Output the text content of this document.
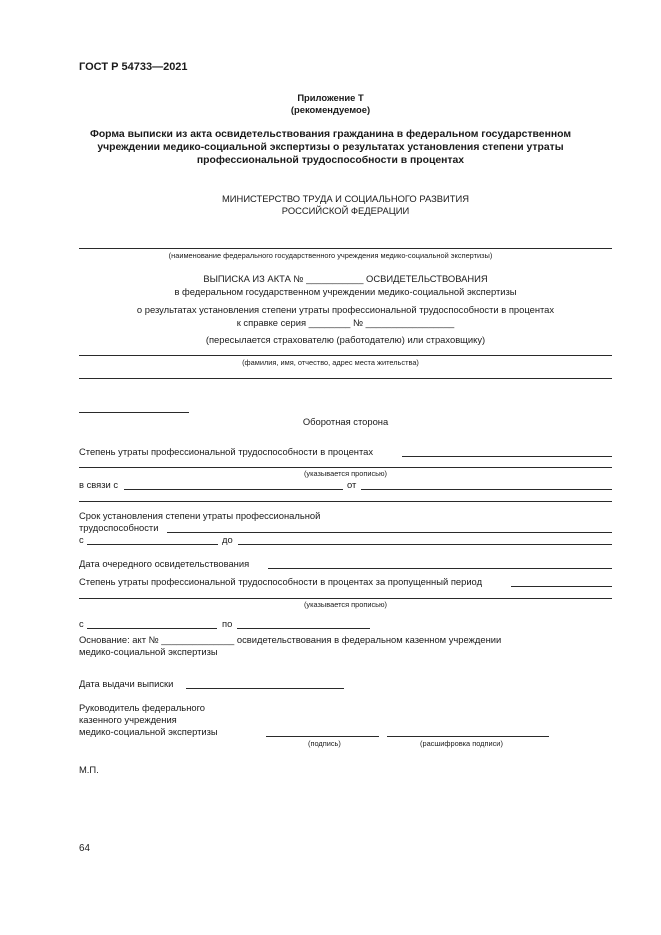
ГОСТ Р 54733—2021
Приложение Т
(рекомендуемое)
Форма выписки из акта освидетельствования гражданина в федеральном государственном
учреждении медико-социальной экспертизы о результатах установления степени утраты
профессиональной трудоспособности в процентах
МИНИСТЕРСТВО ТРУДА И СОЦИАЛЬНОГО РАЗВИТИЯ
РОССИЙСКОЙ ФЕДЕРАЦИИ
(наименование федерального государственного учреждения медико-социальной экспертизы)
ВЫПИСКА ИЗ АКТА № ___________ ОСВИДЕТЕЛЬСТВОВАНИЯ
в федеральном государственном учреждении медико-социальной экспертизы
о результатах установления степени утраты профессиональной трудоспособности в процентах
к справке серия ________ № _________________
(пересылается страхователю (работодателю) или страховщику)
(фамилия, имя, отчество, адрес места жительства)
Оборотная сторона
Степень утраты профессиональной трудоспособности в процентах
(указывается прописью)
в связи с	от
Срок установления степени утраты профессиональной
трудоспособности
с	до
Дата очередного освидетельствования
Степень утраты профессиональной трудоспособности в процентах за пропущенный период
(указывается прописью)
с	по
Основание: акт № ______________ освидетельствования в федеральном казенном учреждении
медико-социальной экспертизы
Дата выдачи выписки
Руководитель федерального
казенного учреждения
медико-социальной экспертизы
(подпись)	(расшифровка подписи)
М.П.
64
